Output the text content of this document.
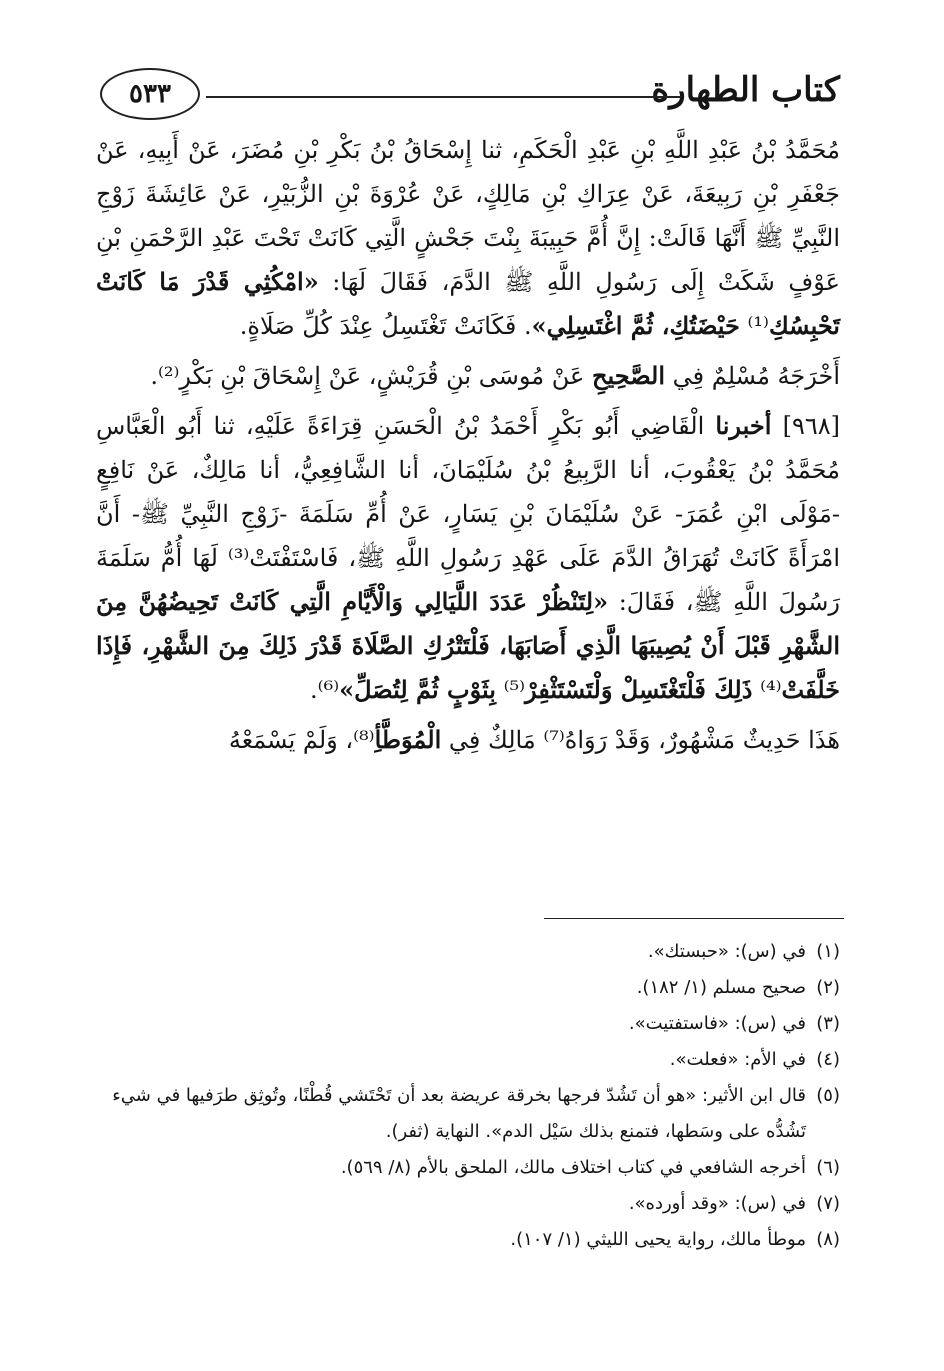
كتاب الطهارة
٥٣٣

مُحَمَّدُ بْنُ عَبْدِ اللَّهِ بْنِ عَبْدِ الْحَكَمِ، ثنا إِسْحَاقُ بْنُ بَكْرِ بْنِ مُضَرَ، عَنْ أَبِيهِ، عَنْ جَعْفَرِ بْنِ رَبِيعَةَ، عَنْ عِرَاكِ بْنِ مَالِكٍ، عَنْ عُرْوَةَ بْنِ الزُّبَيْرِ، عَنْ عَائِشَةَ زَوْجِ النَّبِيِّ ﷺ أَنَّهَا قَالَتْ: إِنَّ أُمَّ حَبِيبَةَ بِنْتَ جَحْشٍ الَّتِي كَانَتْ تَحْتَ عَبْدِ الرَّحْمَنِ بْنِ عَوْفٍ شَكَتْ إِلَى رَسُولِ اللَّهِ ﷺ الدَّمَ، فَقَالَ لَهَا: «امْكُثِي قَدْرَ مَا كَانَتْ تَحْبِسُكِ⁽¹⁾ حَيْضَتُكِ، ثُمَّ اغْتَسِلِي». فَكَانَتْ تَغْتَسِلُ عِنْدَ كُلِّ صَلَاةٍ.

أَخْرَجَهُ مُسْلِمٌ فِي الصَّحِيحِ عَنْ مُوسَى بْنِ قُرَيْشٍ، عَنْ إِسْحَاقَ بْنِ بَكْرٍ⁽²⁾.

[٩٦٨] أخبرنا الْقَاضِي أَبُو بَكْرٍ أَحْمَدُ بْنُ الْحَسَنِ قِرَاءَةً عَلَيْهِ، ثنا أَبُو الْعَبَّاسِ مُحَمَّدُ بْنُ يَعْقُوبَ، أنا الرَّبِيعُ بْنُ سُلَيْمَانَ، أنا الشَّافِعِيُّ، أنا مَالِكٌ، عَنْ نَافِعٍ -مَوْلَى ابْنِ عُمَرَ- عَنْ سُلَيْمَانَ بْنِ يَسَارٍ، عَنْ أُمِّ سَلَمَةَ -زَوْجِ النَّبِيِّ ﷺ- أَنَّ امْرَأَةً كَانَتْ تُهَرَاقُ الدَّمَ عَلَى عَهْدِ رَسُولِ اللَّهِ ﷺ، فَاسْتَفْتَتْ⁽³⁾ لَهَا أُمُّ سَلَمَةَ رَسُولَ اللَّهِ ﷺ، فَقَالَ: «لِتَنْظُرْ عَدَدَ اللَّيَالِي وَالْأَيَّامِ الَّتِي كَانَتْ تَحِيضُهُنَّ مِنَ الشَّهْرِ قَبْلَ أَنْ يُصِيبَهَا الَّذِي أَصَابَهَا، فَلْتَتْرُكِ الصَّلَاةَ قَدْرَ ذَلِكَ مِنَ الشَّهْرِ، فَإِذَا خَلَّفَتْ⁽⁴⁾ ذَلِكَ فَلْتَغْتَسِلْ وَلْتَسْتَثْفِرْ⁽⁵⁾ بِثَوْبٍ ثُمَّ لِتُصَلِّ»⁽⁶⁾.

هَذَا حَدِيثٌ مَشْهُورٌ، وَقَدْ رَوَاهُ⁽⁷⁾ مَالِكٌ فِي الْمُوَطَّأِ⁽⁸⁾، وَلَمْ يَسْمَعْهُ

(١)
في (س): «حبستك».

(٢)
صحيح مسلم (١/ ١٨٢).

(٣)
في (س): «فاستفتيت».

(٤)
في الأم: «فعلت».

(٥)
قال ابن الأثير: «هو أن تَشُدّ فرجها بخرقة عريضة بعد أن تَحْتَشي قُطْنًا، وتُوثِق طرَفيها في شيء تَشُدُّه على وسَطها، فتمنع بذلك سَيْل الدم». النهاية (ثفر).

(٦)
أخرجه الشافعي في كتاب اختلاف مالك، الملحق بالأم (٨/ ٥٦٩).

(٧)
في (س): «وقد أورده».

(٨)
موطأ مالك، رواية يحيى الليثي (١/ ١٠٧).
